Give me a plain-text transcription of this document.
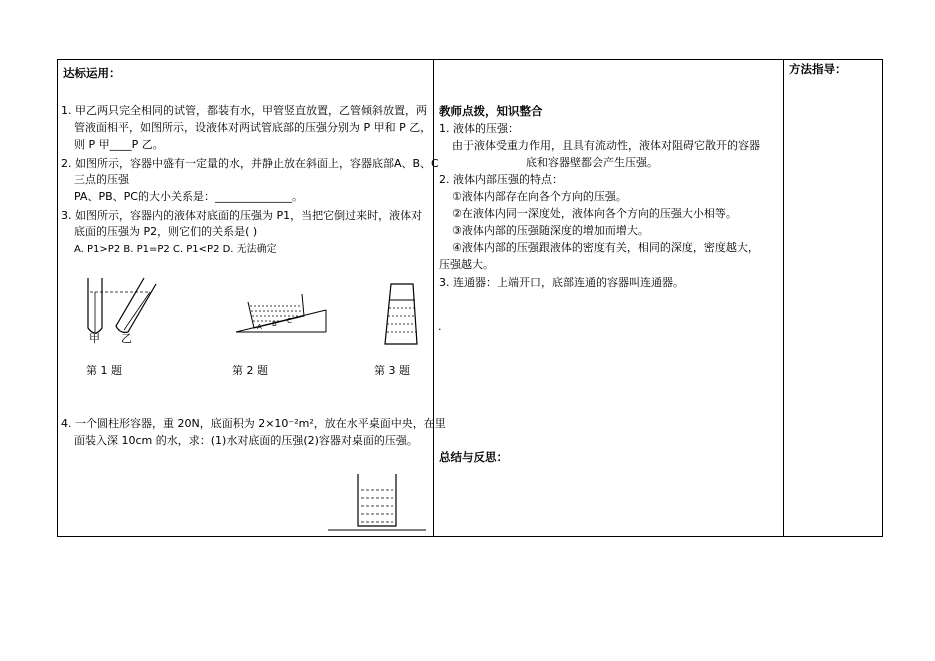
达标运用：
1. 甲乙两只完全相同的试管，都装有水，甲管竖直放置，乙管倾斜放置，两
管液面相平，如图所示，设液体对两试管底部的压强分别为 P 甲和 P 乙，
则 P 甲____P 乙。
2. 如图所示，容器中盛有一定量的水，并静止放在斜面上，容器底部A、B、C
三点的压强
PA、PB、PC的大小关系是：______________。
3. 如图所示，容器内的液体对底面的压强为 P1，当把它倒过来时，液体对
底面的压强为 P2，则它们的关系是( )
A. P1>P2 B. P1=P2 C. P1<P2 D. 无法确定
甲 乙
第 1 题
A B C
第 2 题	第 3 题
4. 一个圆柱形容器，重 20N，底面积为 2×10⁻²m²，放在水平桌面中央，在里
面装入深 10cm 的水，求：(1)水对底面的压强(2)容器对桌面的压强。
教师点拨，知识整合
1. 液体的压强：
由于液体受重力作用，且具有流动性，液体对阻碍它散开的容器
底和容器壁都会产生压强。
2. 液体内部压强的特点：
①液体内部存在向各个方向的压强。
②在液体内同一深度处，液体向各个方向的压强大小相等。
③液体内部的压强随深度的增加而增大。
④液体内部的压强跟液体的密度有关，相同的深度，密度越大，
压强越大。
3. 连通器：上端开口，底部连通的容器叫连通器。
.
总结与反思：
方法指导：
